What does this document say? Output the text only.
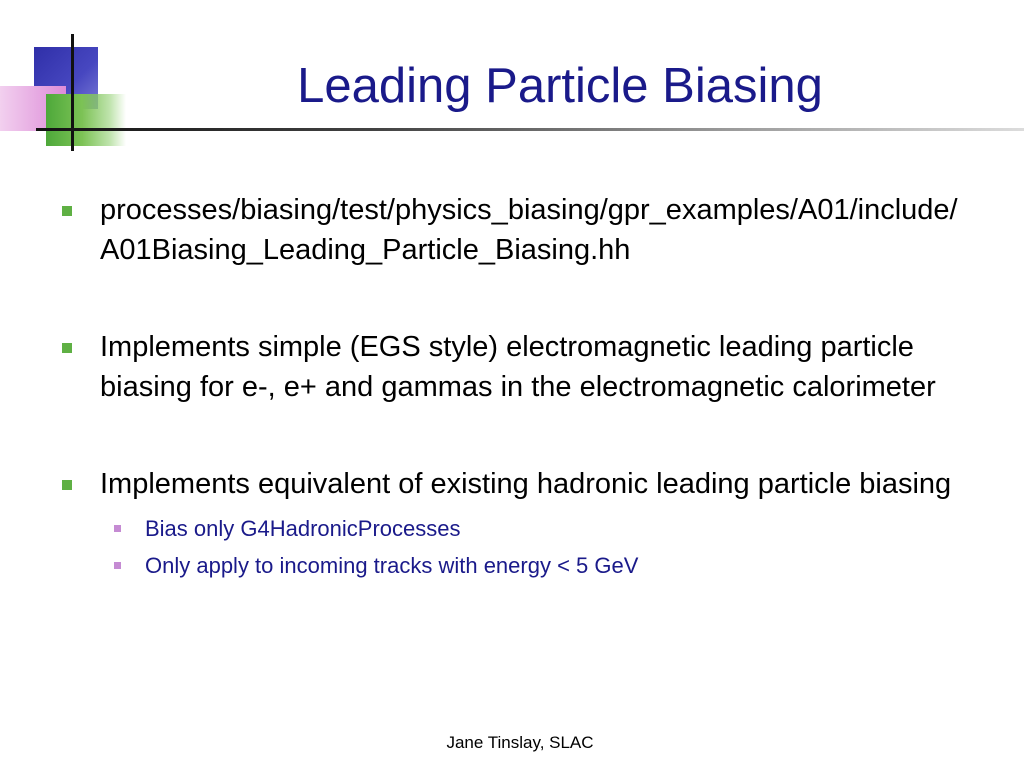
Leading Particle Biasing
processes/biasing/test/physics_biasing/gpr_examples/A01/include/A01Biasing_Leading_Particle_Biasing.hh
Implements simple (EGS style) electromagnetic leading particle biasing for e-, e+ and gammas in the electromagnetic calorimeter
Implements equivalent of existing hadronic leading particle biasing
Bias only G4HadronicProcesses
Only apply to incoming tracks with energy < 5 GeV
Jane Tinslay, SLAC
